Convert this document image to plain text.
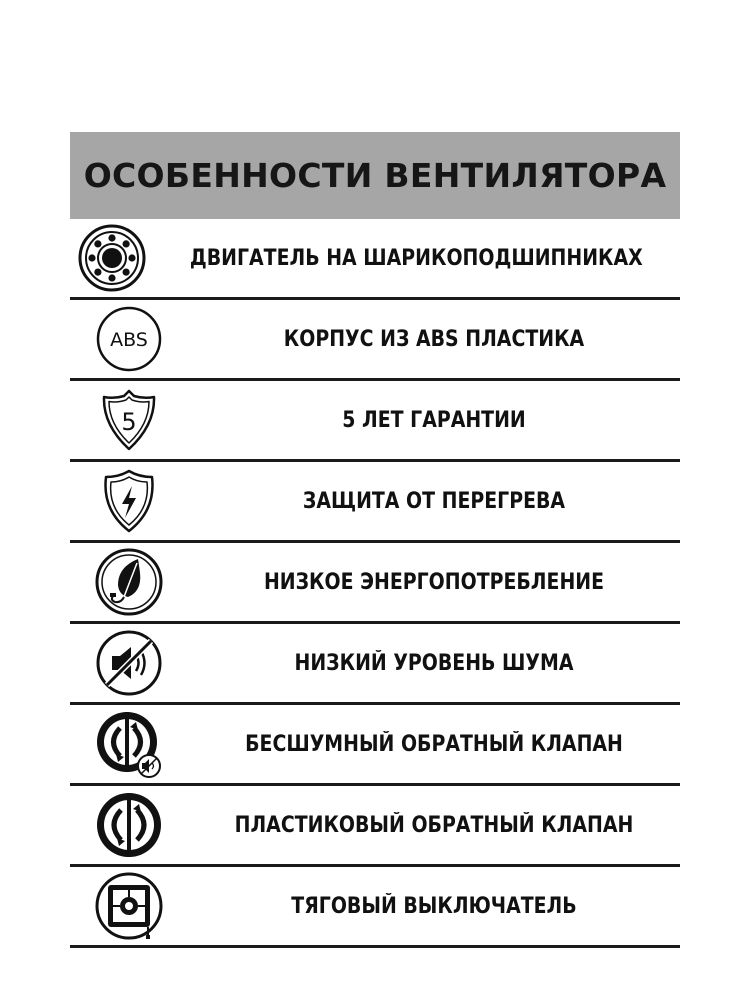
ОСОБЕННОСТИ ВЕНТИЛЯТОРА
ДВИГАТЕЛЬ НА ШАРИКОПОДШИПНИКАХ
ABS	КОРПУС ИЗ ABS ПЛАСТИКА
5	5 ЛЕТ ГАРАНТИИ
ЗАЩИТА ОТ ПЕРЕГРЕВА
НИЗКОЕ ЭНЕРГОПОТРЕБЛЕНИЕ
НИЗКИЙ УРОВЕНЬ ШУМА
БЕСШУМНЫЙ ОБРАТНЫЙ КЛАПАН
ПЛАСТИКОВЫЙ ОБРАТНЫЙ КЛАПАН
ТЯГОВЫЙ ВЫКЛЮЧАТЕЛЬ
